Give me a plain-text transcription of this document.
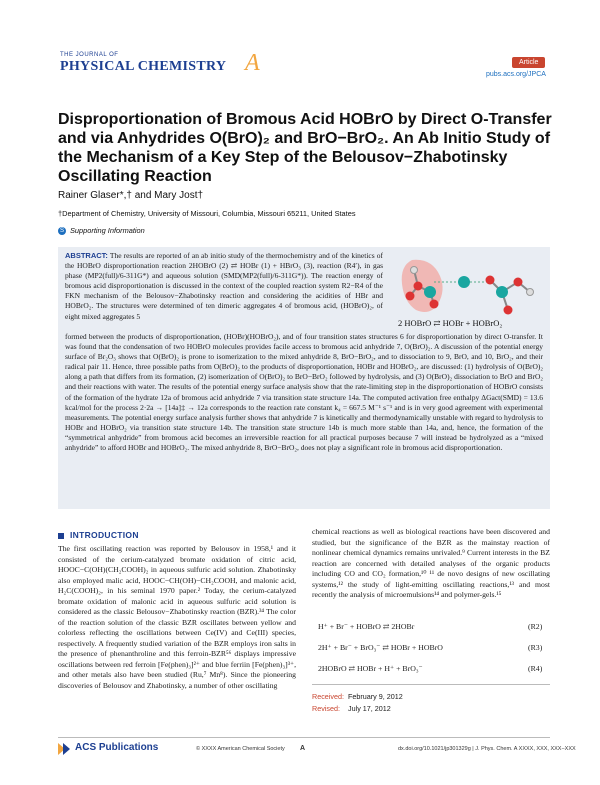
THE JOURNAL OF
PHYSICAL CHEMISTRY A	Article
pubs.acs.org/JPCA
Disproportionation of Bromous Acid HOBrO by Direct O-Transfer and via Anhydrides O(BrO)₂ and BrO−BrO₂. An Ab Initio Study of the Mechanism of a Key Step of the Belousov−Zhabotinsky Oscillating Reaction
Rainer Glaser*,† and Mary Jost†
†Department of Chemistry, University of Missouri, Columbia, Missouri 65211, United States
S Supporting Information
ABSTRACT: The results are reported of an ab initio study of the thermochemistry and of the kinetics of the HOBrO disproportionation reaction 2HOBrO (2) ⇄ HOBr (1) + HBrO₃ (3), reaction (R4′), in gas phase (MP2(full)/6-311G*) and aqueous solution (SMD(MP2(full)/6-311G*)). The reaction energy of bromous acid disproportionation is discussed in the context of the coupled reaction system R2−R4 of the FKN mechanism of the Belousov−Zhabotinsky reaction and considering the acidities of HBr and HOBrO₂. The structures were determined of ten dimeric aggregates 4 of bromous acid, (HOBrO)₂, of eight mixed aggregates 5
formed between the products of disproportionation, (HOBr)(HOBrO₂), and of four transition states structures 6 for disproportionation by direct O-transfer. It was found that the condensation of two HOBrO molecules provides facile access to bromous acid anhydride 7, O(BrO)₂. A discussion of the potential energy surface of Br₂O₃ shows that O(BrO)₂ is prone to isomerization to the mixed anhydride 8, BrO−BrO₂, and to dissociation to 9, BrO, and 10, BrO₂, and their radical pair 11. Hence, three possible paths from O(BrO)₂ to the products of disproportionation, HOBr and HOBrO₂, are discussed: (1) hydrolysis of O(BrO)₂ along a path that differs from its formation, (2) isomerization of O(BrO)₂ to BrO−BrO₂ followed by hydrolysis, and (3) O(BrO)₂ dissociation to BrO and BrO₂ and their reactions with water. The results of the potential energy surface analysis show that the rate-limiting step in the disproportionation of HOBrO consists of the formation of the hydrate 12a of bromous acid anhydride 7 via transition state structure 14a. The computed activation free enthalpy ΔGact(SMD) = 13.6 kcal/mol for the process 2·2a → [14a]‡ → 12a corresponds to the reaction rate constant k₄ = 667.5 M⁻¹ s⁻¹ and is in very good agreement with experimental measurements. The potential energy surface analysis further shows that anhydride 7 is kinetically and thermodynamically unstable with regard to hydrolysis to HOBr and HOBrO₂ via transition state structure 14b. The transition state structure 14b is much more stable than 14a, and, hence, the formation of the “symmetrical anhydride” from bromous acid becomes an irreversible reaction for all practical purposes because 7 will instead be hydrolyzed as a “mixed anhydride” to afford HOBr and HOBrO₂. The mixed anhydride 8, BrO−BrO₂, does not play a significant role in bromous acid disproportionation.
2 HOBrO ⇄ HOBr + HOBrO₂
INTRODUCTION
The first oscillating reaction was reported by Belousov in 1958,¹ and it consisted of the cerium-catalyzed bromate oxidation of citric acid, HOOC−C(OH)(CH₂COOH)₂ in aqueous sulfuric acid solution. Zhabotinsky also employed malic acid, HOOC−CH(OH)−CH₂COOH, and malonic acid, H₂C(COOH)₂, in his seminal 1970 paper.² Today, the cerium-catalyzed bromate oxidation of malonic acid in aqueous sulfuric acid solution is considered as the classic Belousov−Zhabotinsky reaction (BZR).³⁴ The color of the reaction solution of the classic BZR oscillates between yellow and colorless reflecting the oscillations between Ce(IV) and Ce(III) species, respectively. A frequently studied variation of the BZR employs iron salts in the presence of phenanthroline and this ferroin-BZR⁵⁶ displays impressive oscillations between red ferroin [Fe(phen)₃]²⁺ and blue ferriin [Fe(phen)₃]³⁺, and other metals also have been studied (Ru,⁷ Mn⁸). Since the pioneering discoveries of Belousov and Zhabotinsky, a number of other oscillating
chemical reactions as well as biological reactions have been discovered and studied, but the significance of the BZR as the mainstay reaction of nonlinear chemical dynamics remains unrivaled.⁹ Current interests in the BZ reaction are concerned with detailed analyses of the organic products including CO and CO₂ formation,¹⁰ ¹¹ de novo designs of new oscillating systems,¹² the study of light-emitting oscillating reactions,¹³ and most recently the analysis of microemulsions¹⁴ and polymer-gels.¹⁵
H⁺ + Br⁻ + HOBrO ⇄ 2HOBr	(R2)
2H⁺ + Br⁻ + BrO₃⁻ ⇄ HOBr + HOBrO	(R3)
2HOBrO ⇄ HOBr + H⁺ + BrO₃⁻	(R4)
Received: February 9, 2012
Revised: July 17, 2012
ACS Publications	© XXXX American Chemical Society A	dx.doi.org/10.1021/jp301329g | J. Phys. Chem. A XXXX, XXX, XXX−XXX
